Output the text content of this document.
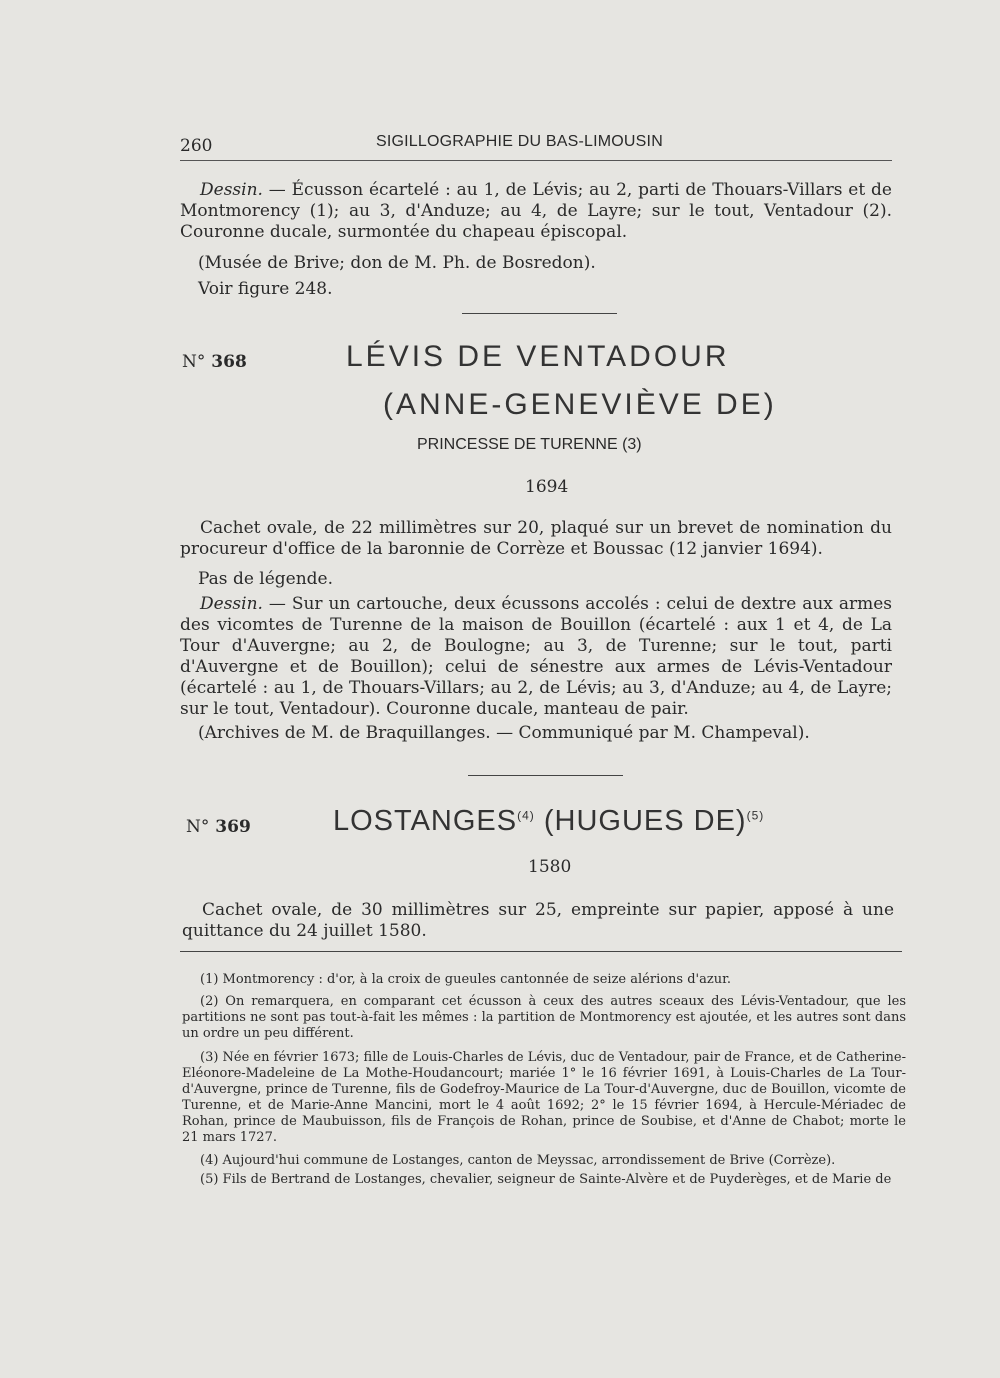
260	SIGILLOGRAPHIE DU BAS-LIMOUSIN
Dessin. — Écusson écartelé : au 1, de Lévis; au 2, parti de Thouars-Villars et de Montmorency (1); au 3, d'Anduze; au 4, de Layre; sur le tout, Ventadour (2). Couronne ducale, surmontée du chapeau épiscopal.
(Musée de Brive; don de M. Ph. de Bosredon).
Voir figure 248.
N° 368	LÉVIS DE VENTADOUR
(ANNE-GENEVIÈVE DE)
PRINCESSE DE TURENNE (3)
1694
Cachet ovale, de 22 millimètres sur 20, plaqué sur un brevet de nomination du procureur d'office de la baronnie de Corrèze et Boussac (12 janvier 1694).
Pas de légende.
Dessin. — Sur un cartouche, deux écussons accolés : celui de dextre aux armes des vicomtes de Turenne de la maison de Bouillon (écartelé : aux 1 et 4, de La Tour d'Auvergne; au 2, de Boulogne; au 3, de Turenne; sur le tout, parti d'Auvergne et de Bouillon); celui de sénestre aux armes de Lévis-Ventadour (écartelé : au 1, de Thouars-Villars; au 2, de Lévis; au 3, d'Anduze; au 4, de Layre; sur le tout, Ventadour). Couronne ducale, manteau de pair.
(Archives de M. de Braquillanges. — Communiqué par M. Champeval).
N° 369	LOSTANGES$^{(4)}$ (HUGUES DE)$^{(5)}$
1580
Cachet ovale, de 30 millimètres sur 25, empreinte sur papier, apposé à une quittance du 24 juillet 1580.
(1) Montmorency : d'or, à la croix de gueules cantonnée de seize alérions d'azur.
(2) On remarquera, en comparant cet écusson à ceux des autres sceaux des Lévis-Ventadour, que les partitions ne sont pas tout-à-fait les mêmes : la partition de Montmorency est ajoutée, et les autres sont dans un ordre un peu différent.
(3) Née en février 1673; fille de Louis-Charles de Lévis, duc de Ventadour, pair de France, et de Catherine-Eléonore-Madeleine de La Mothe-Houdancourt; mariée 1° le 16 février 1691, à Louis-Charles de La Tour-d'Auvergne, prince de Turenne, fils de Godefroy-Maurice de La Tour-d'Auvergne, duc de Bouillon, vicomte de Turenne, et de Marie-Anne Mancini, mort le 4 août 1692; 2° le 15 février 1694, à Hercule-Mériadec de Rohan, prince de Maubuisson, fils de François de Rohan, prince de Soubise, et d'Anne de Chabot; morte le 21 mars 1727.
(4) Aujourd'hui commune de Lostanges, canton de Meyssac, arrondissement de Brive (Corrèze).
(5) Fils de Bertrand de Lostanges, chevalier, seigneur de Sainte-Alvère et de Puyderèges, et de Marie de
